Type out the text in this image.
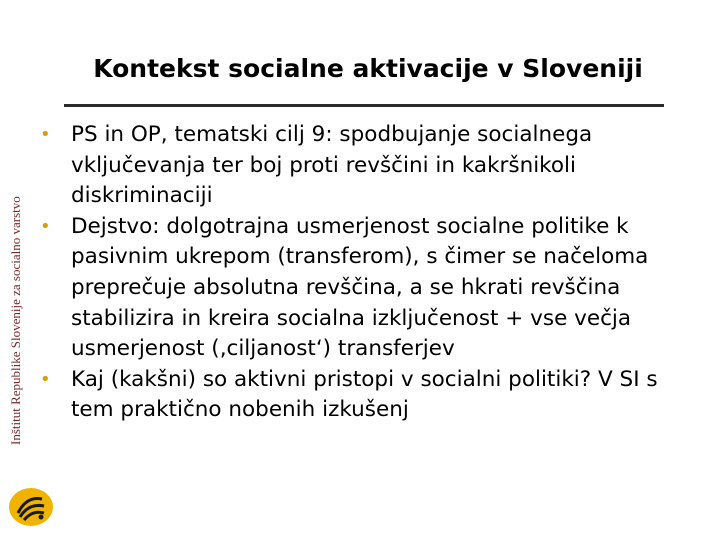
Inštitut Republike Slovenije za socialno varstvo
Kontekst socialne aktivacije v Sloveniji
• PS in OP, tematski cilj 9: spodbujanje socialnega vključevanja ter boj proti revščini in kakršnikoli diskriminaciji
• Dejstvo: dolgotrajna usmerjenost socialne politike k pasivnim ukrepom (transferom), s čimer se načeloma preprečuje absolutna revščina, a se hkrati revščina stabilizira in kreira socialna izključenost + vse večja usmerjenost (‚ciljanost‘) transferjev
• Kaj (kakšni) so aktivni pristopi v socialni politiki? V SI s tem praktično nobenih izkušenj
